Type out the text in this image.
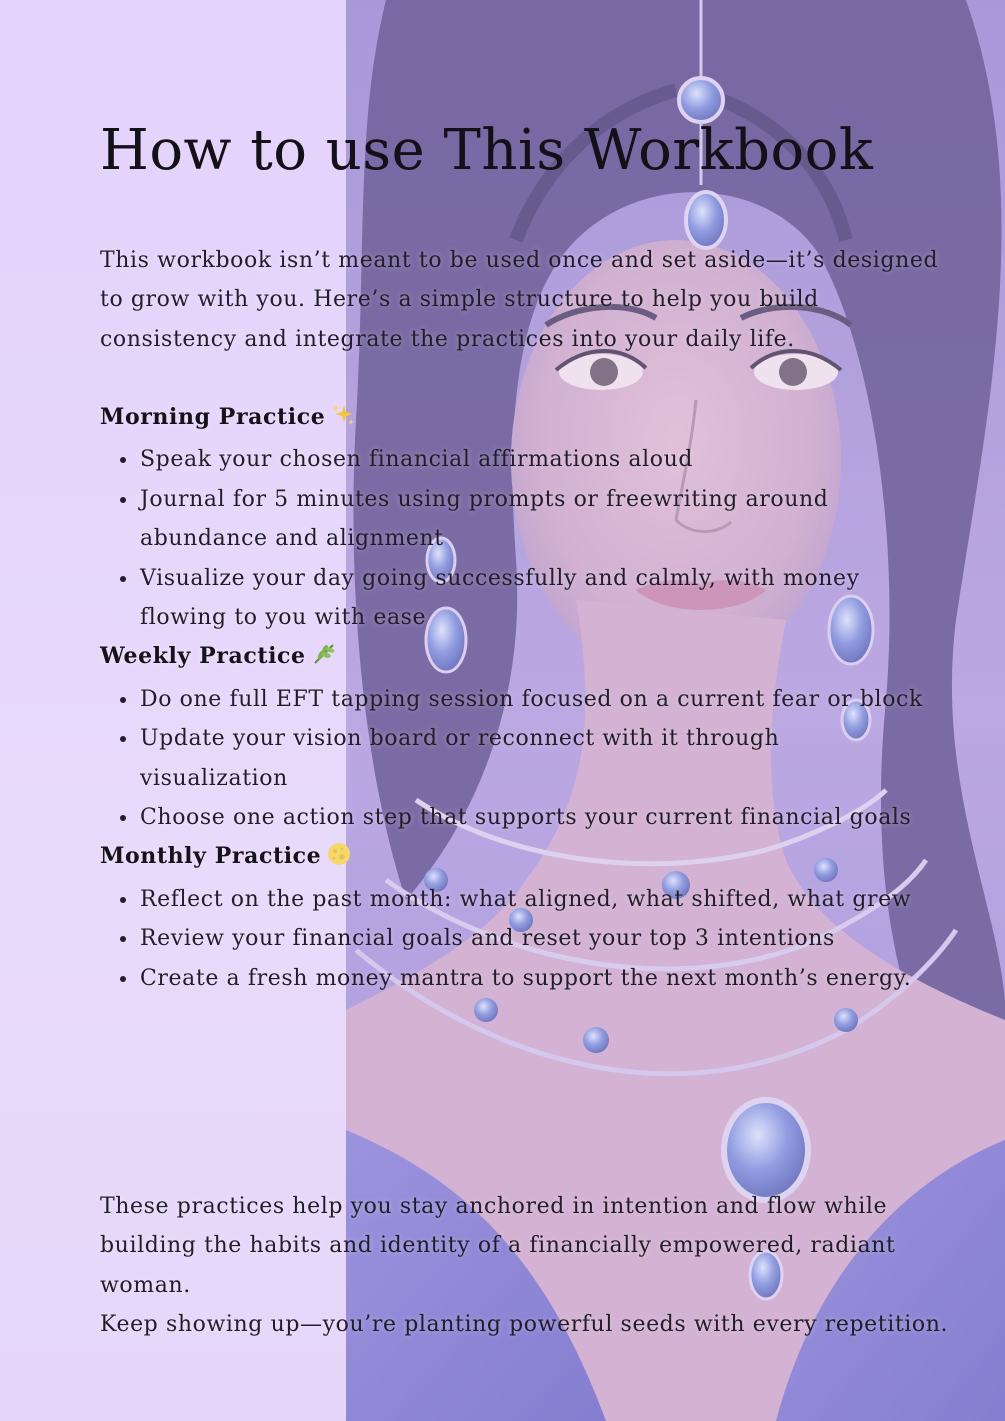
How to use This Workbook
This workbook isn’t meant to be used once and set aside—it’s designed to grow with you. Here’s a simple structure to help you build consistency and integrate the practices into your daily life.
Morning Practice
Speak your chosen financial affirmations aloud
Journal for 5 minutes using prompts or freewriting around abundance and alignment
Visualize your day going successfully and calmly, with money flowing to you with ease
Weekly Practice
Do one full EFT tapping session focused on a current fear or block
Update your vision board or reconnect with it through visualization
Choose one action step that supports your current financial goals
Monthly Practice
Reflect on the past month: what aligned, what shifted, what grew
Review your financial goals and reset your top 3 intentions
Create a fresh money mantra to support the next month’s energy.
These practices help you stay anchored in intention and flow while building the habits and identity of a financially empowered, radiant woman.
Keep showing up—you’re planting powerful seeds with every repetition.
